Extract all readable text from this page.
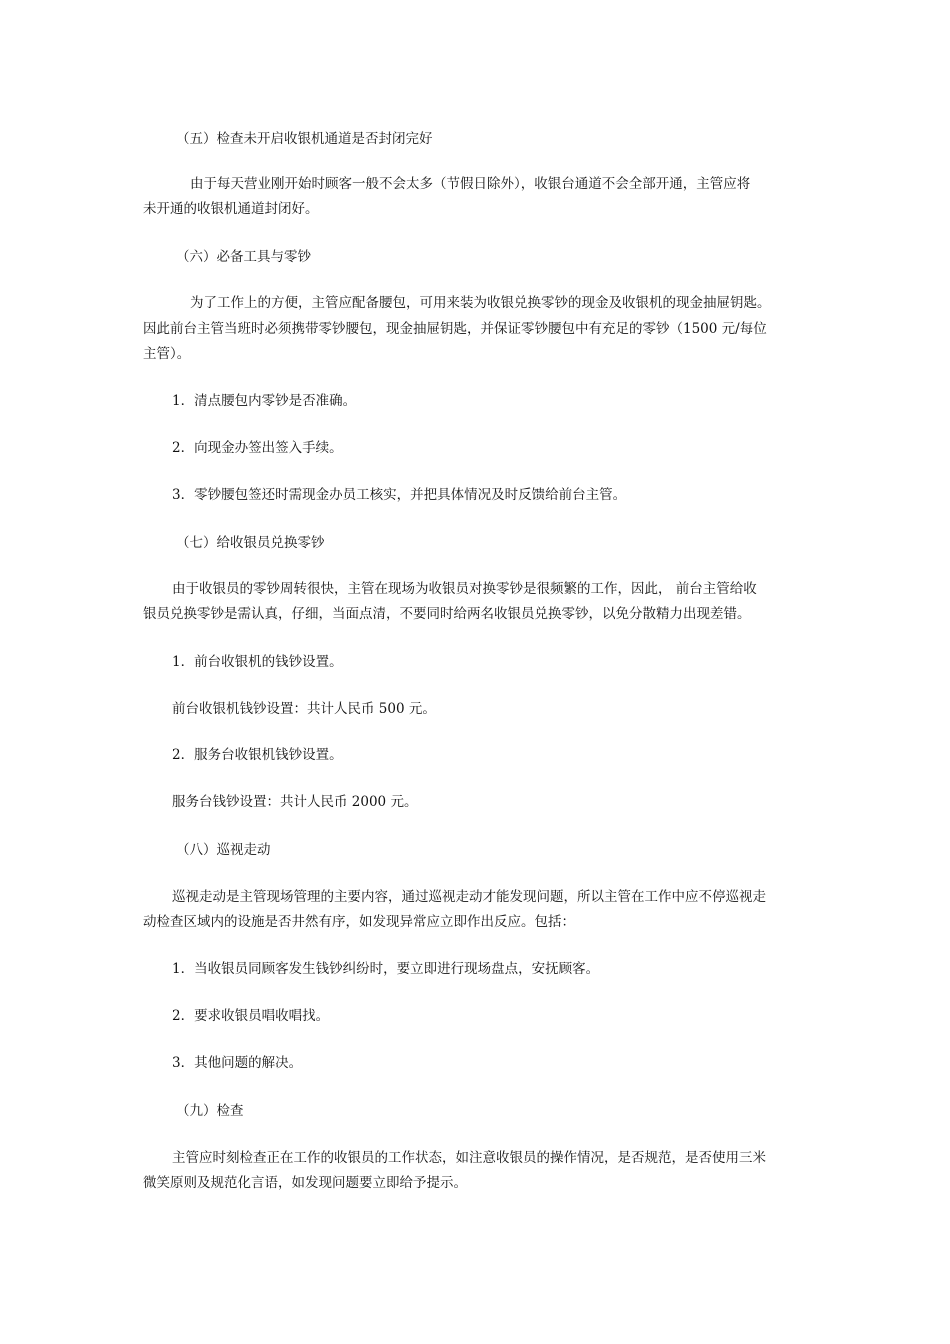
（五）检查未开启收银机通道是否封闭完好
由于每天营业刚开始时顾客一般不会太多（节假日除外），收银台通道不会全部开通，主管应将
未开通的收银机通道封闭好。
（六）必备工具与零钞
为了工作上的方便，主管应配备腰包，可用来装为收银兑换零钞的现金及收银机的现金抽屉钥匙。
因此前台主管当班时必须携带零钞腰包，现金抽屉钥匙，并保证零钞腰包中有充足的零钞（1500 元/每位
主管）。
1．清点腰包内零钞是否准确。
2．向现金办签出签入手续。
3．零钞腰包签还时需现金办员工核实，并把具体情况及时反馈给前台主管。
（七）给收银员兑换零钞
由于收银员的零钞周转很快，主管在现场为收银员对换零钞是很频繁的工作，因此， 前台主管给收
银员兑换零钞是需认真，仔细，当面点清，不要同时给两名收银员兑换零钞，以免分散精力出现差错。
1．前台收银机的钱钞设置。
前台收银机钱钞设置：共计人民币 500 元。
2．服务台收银机钱钞设置。
服务台钱钞设置：共计人民币 2000 元。
（八）巡视走动
巡视走动是主管现场管理的主要内容，通过巡视走动才能发现问题，所以主管在工作中应不停巡视走
动检查区域内的设施是否井然有序，如发现异常应立即作出反应。包括：
1．当收银员同顾客发生钱钞纠纷时，要立即进行现场盘点，安抚顾客。
2．要求收银员唱收唱找。
3．其他问题的解决。
（九）检查
主管应时刻检查正在工作的收银员的工作状态，如注意收银员的操作情况，是否规范，是否使用三米
微笑原则及规范化言语，如发现问题要立即给予提示。
